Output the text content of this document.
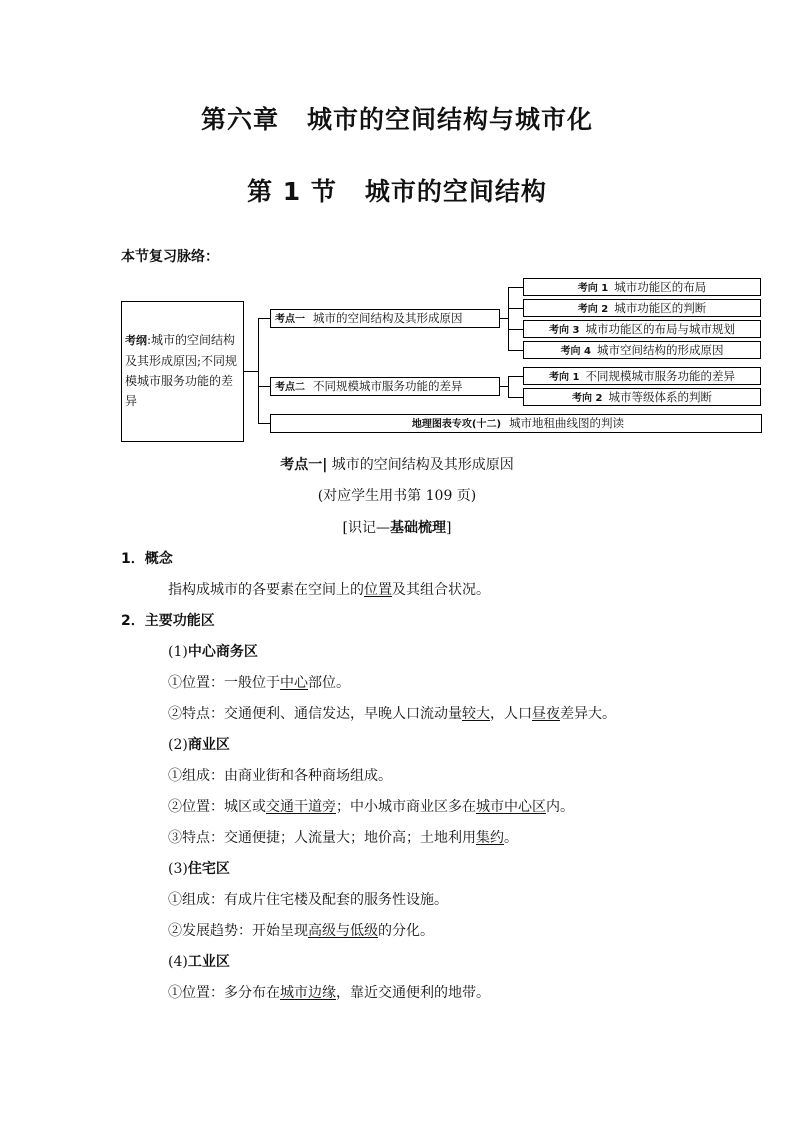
第六章 城市的空间结构与城市化
第 1 节 城市的空间结构
本节复习脉络：
考纲:城市的空间结构及其形成原因;不同规模城市服务功能的差异
考点一 城市的空间结构及其形成原因
考点二 不同规模城市服务功能的差异
地理图表专攻(十二) 城市地租曲线图的判读
考向 1 城市功能区的布局
考向 2 城市功能区的判断
考向 3 城市功能区的布局与城市规划
考向 4 城市空间结构的形成原因
考向 1 不同规模城市服务功能的差异
考向 2 城市等级体系的判断
考点一| 城市的空间结构及其形成原因
(对应学生用书第 109 页)
[识记—基础梳理]
1．概念
指构成城市的各要素在空间上的位置及其组合状况。
2．主要功能区
(1)中心商务区
①位置：一般位于中心部位。
②特点：交通便利、通信发达，早晚人口流动量较大，人口昼夜差异大。
(2)商业区
①组成：由商业街和各种商场组成。
②位置：城区或交通干道旁；中小城市商业区多在城市中心区内。
③特点：交通便捷；人流量大；地价高；土地利用集约。
(3)住宅区
①组成：有成片住宅楼及配套的服务性设施。
②发展趋势：开始呈现高级与低级的分化。
(4)工业区
①位置：多分布在城市边缘，靠近交通便利的地带。
